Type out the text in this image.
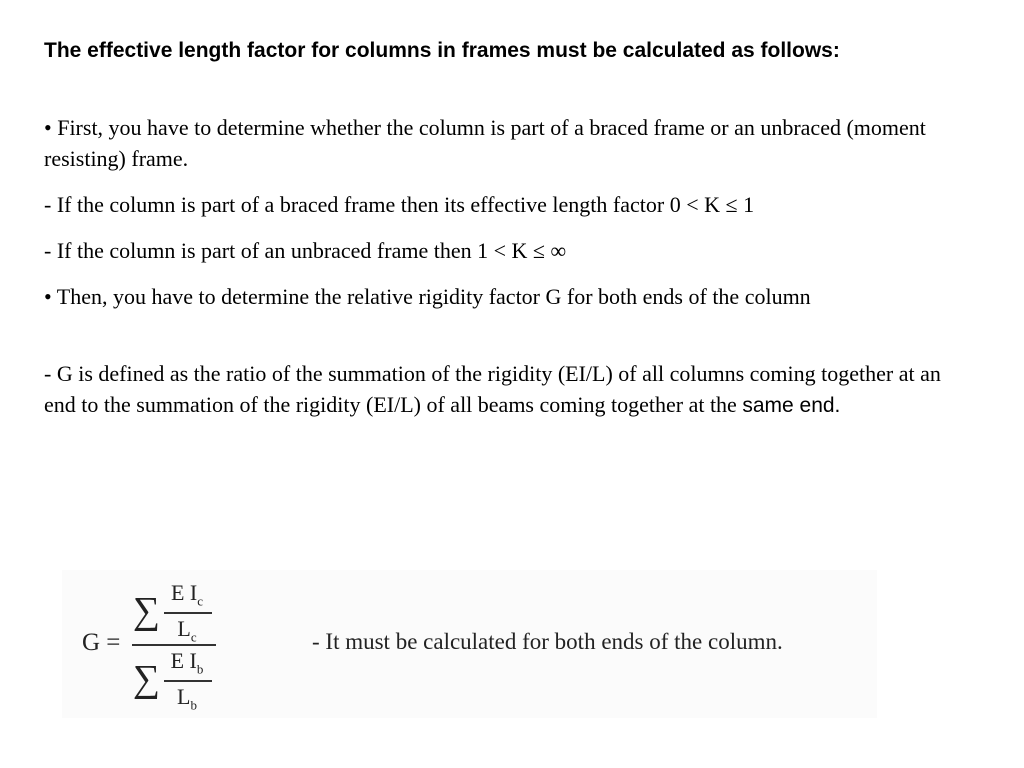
The effective length factor for columns in frames must be calculated as follows:

• First, you have to determine whether the column is part of a braced frame or an unbraced (moment resisting) frame.

- If the column is part of a braced frame then its effective length factor 0 < K ≤ 1

- If the column is part of an unbraced frame then 1 < K ≤ ∞

• Then, you have to determine the relative rigidity factor G for both ends of the column

- G is defined as the ratio of the summation of the rigidity (EI/L) of all columns coming together at an end to the summation of the rigidity (EI/L) of all beams coming together at the same end.

G =
∑ E $I_c$
$L_c$
∑ E $I_b$
$L_b$
- It must be calculated for both ends of the column.
